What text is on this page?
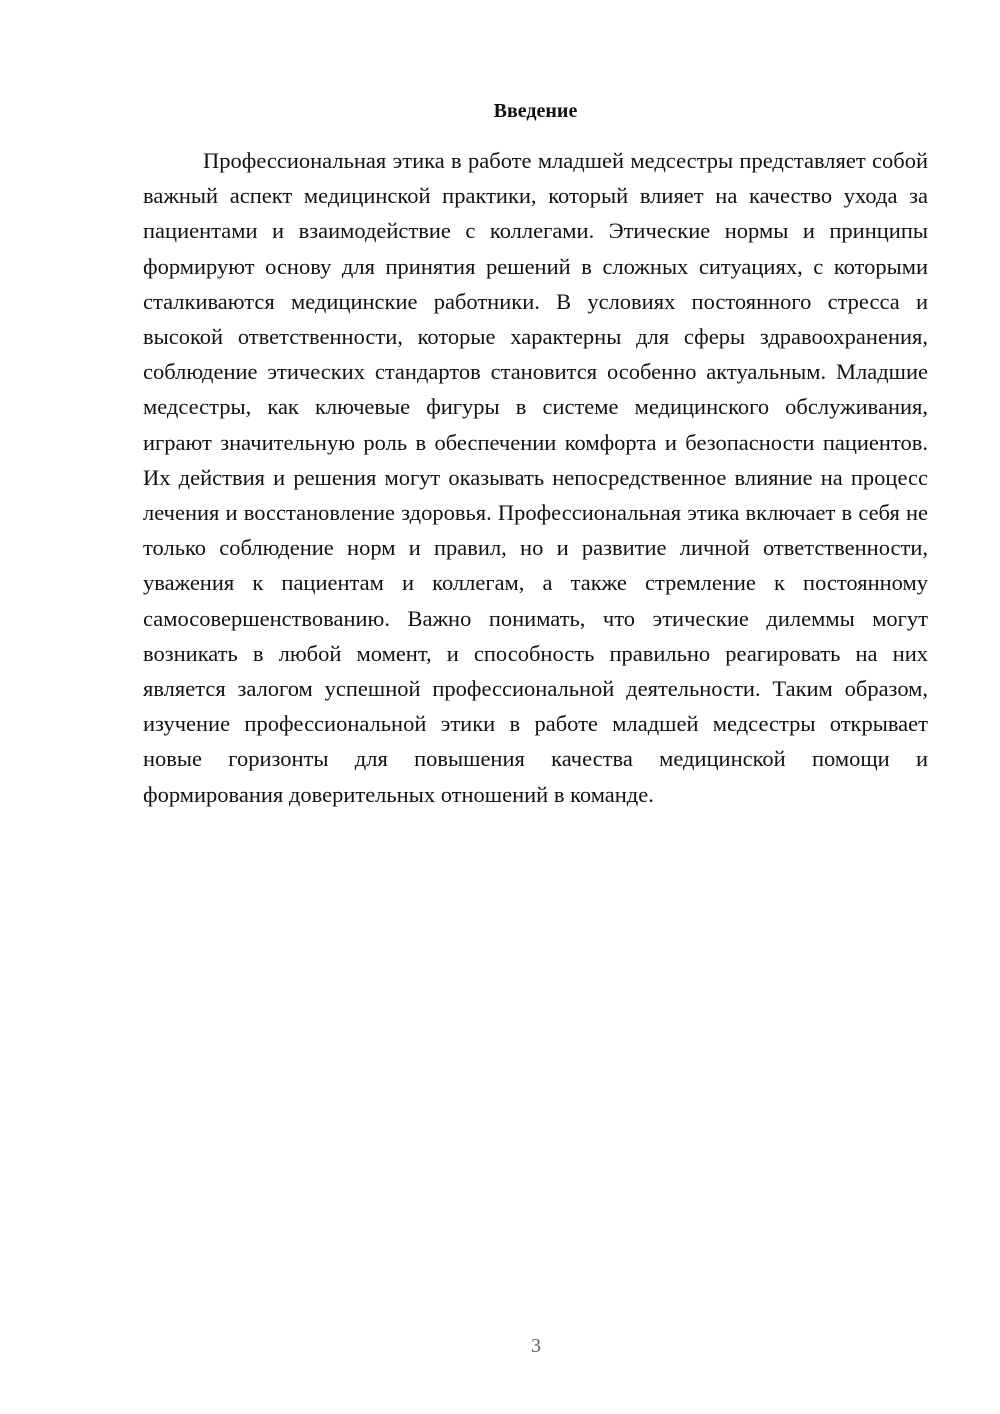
Введение

Профессиональная этика в работе младшей медсестры представляет собой важный аспект медицинской практики, который влияет на качество ухода за пациентами и взаимодействие с коллегами. Этические нормы и принципы формируют основу для принятия решений в сложных ситуациях, с которыми сталкиваются медицинские работники. В условиях постоянного стресса и высокой ответственности, которые характерны для сферы здравоохранения, соблюдение этических стандартов становится особенно актуальным. Младшие медсестры, как ключевые фигуры в системе медицинского обслуживания, играют значительную роль в обеспечении комфорта и безопасности пациентов. Их действия и решения могут оказывать непосредственное влияние на процесс лечения и восстановление здоровья. Профессиональная этика включает в себя не только соблюдение норм и правил, но и развитие личной ответственности, уважения к пациентам и коллегам, а также стремление к постоянному самосовершенствованию. Важно понимать, что этические дилеммы могут возникать в любой момент, и способность правильно реагировать на них является залогом успешной профессиональной деятельности. Таким образом, изучение профессиональной этики в работе младшей медсестры открывает новые горизонты для повышения качества медицинской помощи и формирования доверительных отношений в команде.

3
